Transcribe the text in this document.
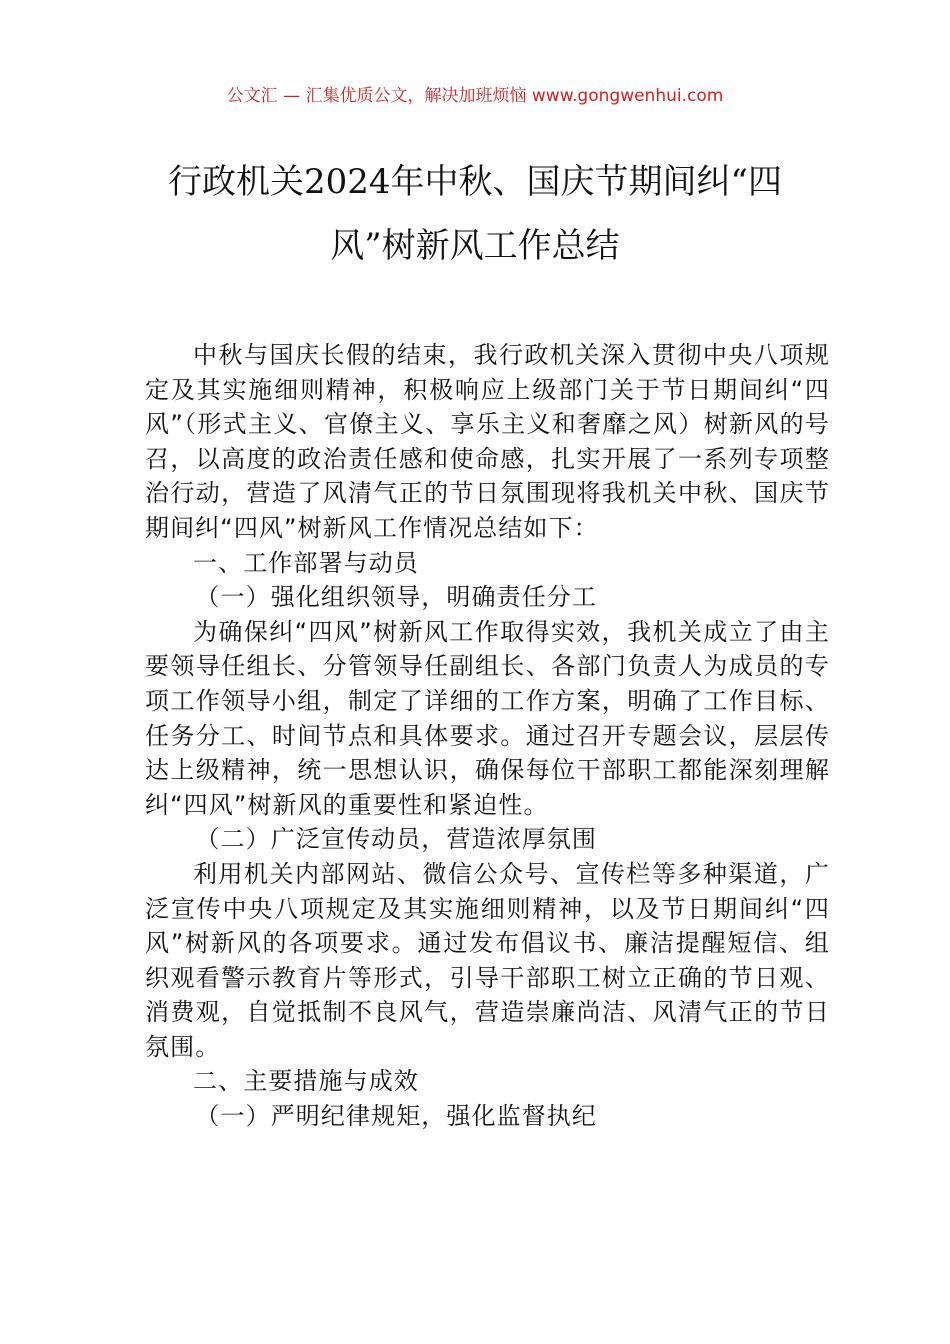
公文汇 — 汇集优质公文，解决加班烦恼 www.gongwenhui.com
行政机关2024年中秋、国庆节期间纠“四风”树新风工作总结

中秋与国庆长假的结束，我行政机关深入贯彻中央八项规定及其实施细则精神，积极响应上级部门关于节日期间纠“四风”（形式主义、官僚主义、享乐主义和奢靡之风）树新风的号召，以高度的政治责任感和使命感，扎实开展了一系列专项整治行动，营造了风清气正的节日氛围现将我机关中秋、国庆节期间纠“四风”树新风工作情况总结如下：

一、工作部署与动员

（一）强化组织领导，明确责任分工

为确保纠“四风”树新风工作取得实效，我机关成立了由主要领导任组长、分管领导任副组长、各部门负责人为成员的专项工作领导小组，制定了详细的工作方案，明确了工作目标、任务分工、时间节点和具体要求。通过召开专题会议，层层传达上级精神，统一思想认识，确保每位干部职工都能深刻理解纠“四风”树新风的重要性和紧迫性。

（二）广泛宣传动员，营造浓厚氛围

利用机关内部网站、微信公众号、宣传栏等多种渠道，广泛宣传中央八项规定及其实施细则精神，以及节日期间纠“四风”树新风的各项要求。通过发布倡议书、廉洁提醒短信、组织观看警示教育片等形式，引导干部职工树立正确的节日观、消费观，自觉抵制不良风气，营造崇廉尚洁、风清气正的节日氛围。

二、主要措施与成效

（一）严明纪律规矩，强化监督执纪
